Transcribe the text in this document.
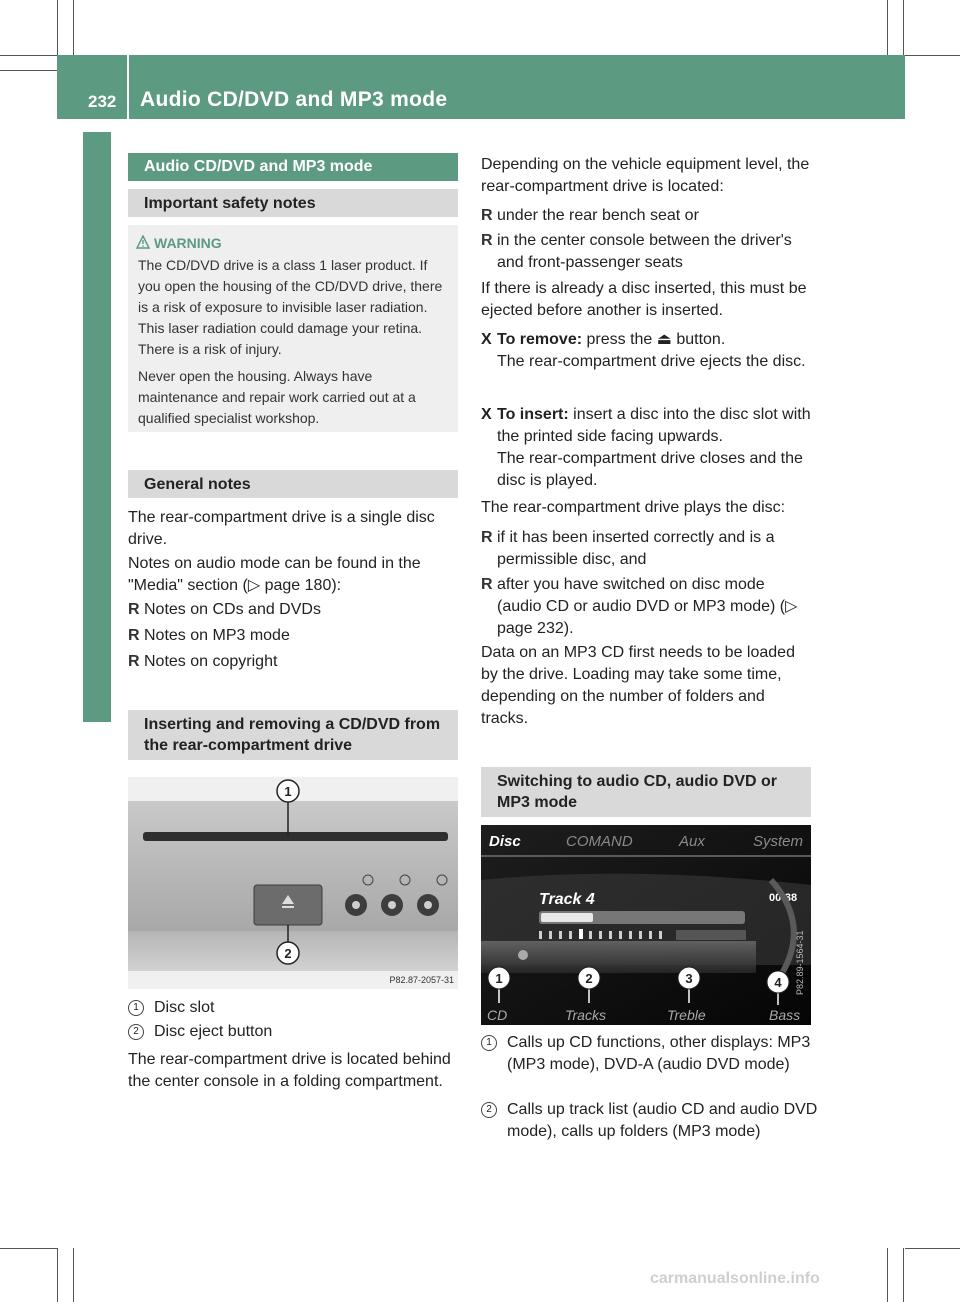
232 Audio CD/DVD and MP3 mode
Rear Seat Entertainment System
Audio CD/DVD and MP3 mode
Important safety notes
WARNING

The CD/DVD drive is a class 1 laser product. If you open the housing of the CD/DVD drive, there is a risk of exposure to invisible laser radiation. This laser radiation could damage your retina. There is a risk of injury.

Never open the housing. Always have maintenance and repair work carried out at a qualified specialist workshop.

General notes
The rear-compartment drive is a single disc drive.
Notes on audio mode can be found in the "Media" section (▷ page 180):
R Notes on CDs and DVDs
R Notes on MP3 mode
R Notes on copyright
Inserting and removing a CD/DVD from the rear-compartment drive
1
2
P82.87-2057-31
1 Disc slot
2 Disc eject button
The rear-compartment drive is located behind the center console in a folding compartment.
Depending on the vehicle equipment level, the rear-compartment drive is located:
R under the rear bench seat or
R in the center console between the driver's and front-passenger seats
If there is already a disc inserted, this must be ejected before another is inserted.
X To remove: press the ⏏ button.
The rear-compartment drive ejects the disc.
X To insert: insert a disc into the disc slot with the printed side facing upwards.
The rear-compartment drive closes and the disc is played.
The rear-compartment drive plays the disc:
R if it has been inserted correctly and is a permissible disc, and
R after you have switched on disc mode (audio CD or audio DVD or MP3 mode) (▷ page 232).
Data on an MP3 CD first needs to be loaded by the drive. Loading may take some time, depending on the number of folders and tracks.
Switching to audio CD, audio DVD or MP3 mode
Disc	COMAND	Aux	System
Track 4	00:38
P82.89-1564-31
1	2	3	4
CD	Tracks	Treble	Bass
1 Calls up CD functions, other displays: MP3 (MP3 mode), DVD-A (audio DVD mode)
2 Calls up track list (audio CD and audio DVD mode), calls up folders (MP3 mode)
carmanualsonline.info
